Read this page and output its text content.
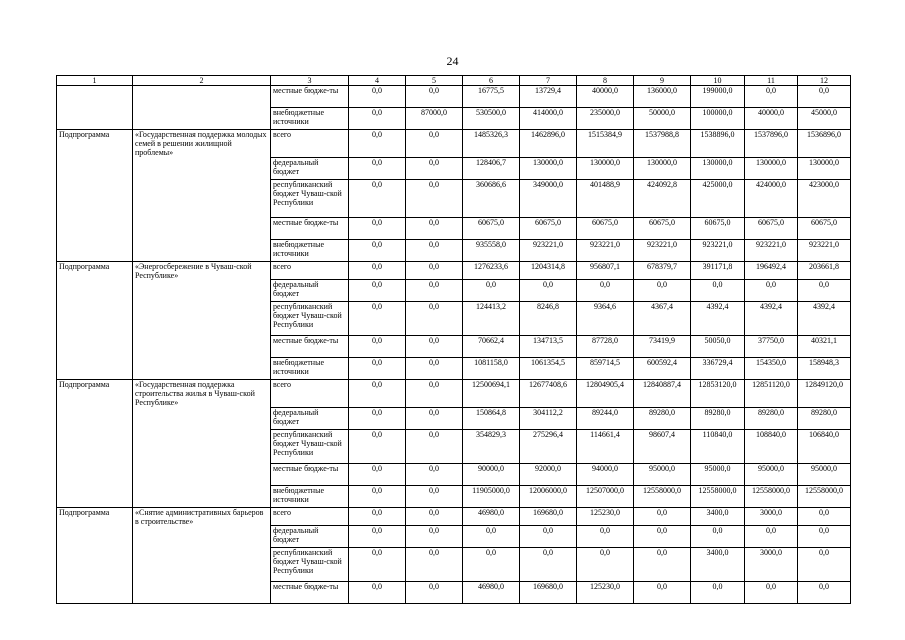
24
1	2	3	4	5	6	7	8	9	10	11	12
		местные бюдже-ты	0,0	0,0	16775,5	13729,4	40000,0	136000,0	199000,0	0,0	0,0
		внебюджетные источники	0,0	87000,0	530500,0	414000,0	235000,0	50000,0	100000,0	40000,0	45000,0
Подпрограмма	«Государственная поддержка молодых семей в решении жилищной проблемы»	всего	0,0	0,0	1485326,3	1462896,0	1515384,9	1537988,8	1538896,0	1537896,0	1536896,0
		федеральный бюджет	0,0	0,0	128406,7	130000,0	130000,0	130000,0	130000,0	130000,0	130000,0
		республиканский бюджет Чуваш-ской Республики	0,0	0,0	360686,6	349000,0	401488,9	424092,8	425000,0	424000,0	423000,0
		местные бюдже-ты	0,0	0,0	60675,0	60675,0	60675,0	60675,0	60675,0	60675,0	60675,0
		внебюджетные источники	0,0	0,0	935558,0	923221,0	923221,0	923221,0	923221,0	923221,0	923221,0
Подпрограмма	«Энергосбережение в Чуваш-ской Республике»	всего	0,0	0,0	1276233,6	1204314,8	956807,1	678379,7	391171,8	196492,4	203661,8
		федеральный бюджет	0,0	0,0	0,0	0,0	0,0	0,0	0,0	0,0	0,0
		республиканский бюджет Чуваш-ской Республики	0,0	0,0	124413,2	8246,8	9364,6	4367,4	4392,4	4392,4	4392,4
		местные бюдже-ты	0,0	0,0	70662,4	134713,5	87728,0	73419,9	50050,0	37750,0	40321,1
		внебюджетные источники	0,0	0,0	1081158,0	1061354,5	859714,5	600592,4	336729,4	154350,0	158948,3
Подпрограмма	«Государственная поддержка строительства жилья в Чуваш-ской Республике»	всего	0,0	0,0	12500694,1	12677408,6	12804905,4	12840887,4	12853120,0	12851120,0	12849120,0
		федеральный бюджет	0,0	0,0	150864,8	304112,2	89244,0	89280,0	89280,0	89280,0	89280,0
		республиканский бюджет Чуваш-ской Республики	0,0	0,0	354829,3	275296,4	114661,4	98607,4	110840,0	108840,0	106840,0
		местные бюдже-ты	0,0	0,0	90000,0	92000,0	94000,0	95000,0	95000,0	95000,0	95000,0
		внебюджетные источники	0,0	0,0	11905000,0	12006000,0	12507000,0	12558000,0	12558000,0	12558000,0	12558000,0
Подпрограмма	«Снятие административных барьеров в строительстве»	всего	0,0	0,0	46980,0	169680,0	125230,0	0,0	3400,0	3000,0	0,0
		федеральный бюджет	0,0	0,0	0,0	0,0	0,0	0,0	0,0	0,0	0,0
		республиканский бюджет Чуваш-ской Республики	0,0	0,0	0,0	0,0	0,0	0,0	3400,0	3000,0	0,0
		местные бюдже-ты	0,0	0,0	46980,0	169680,0	125230,0	0,0	0,0	0,0	0,0
